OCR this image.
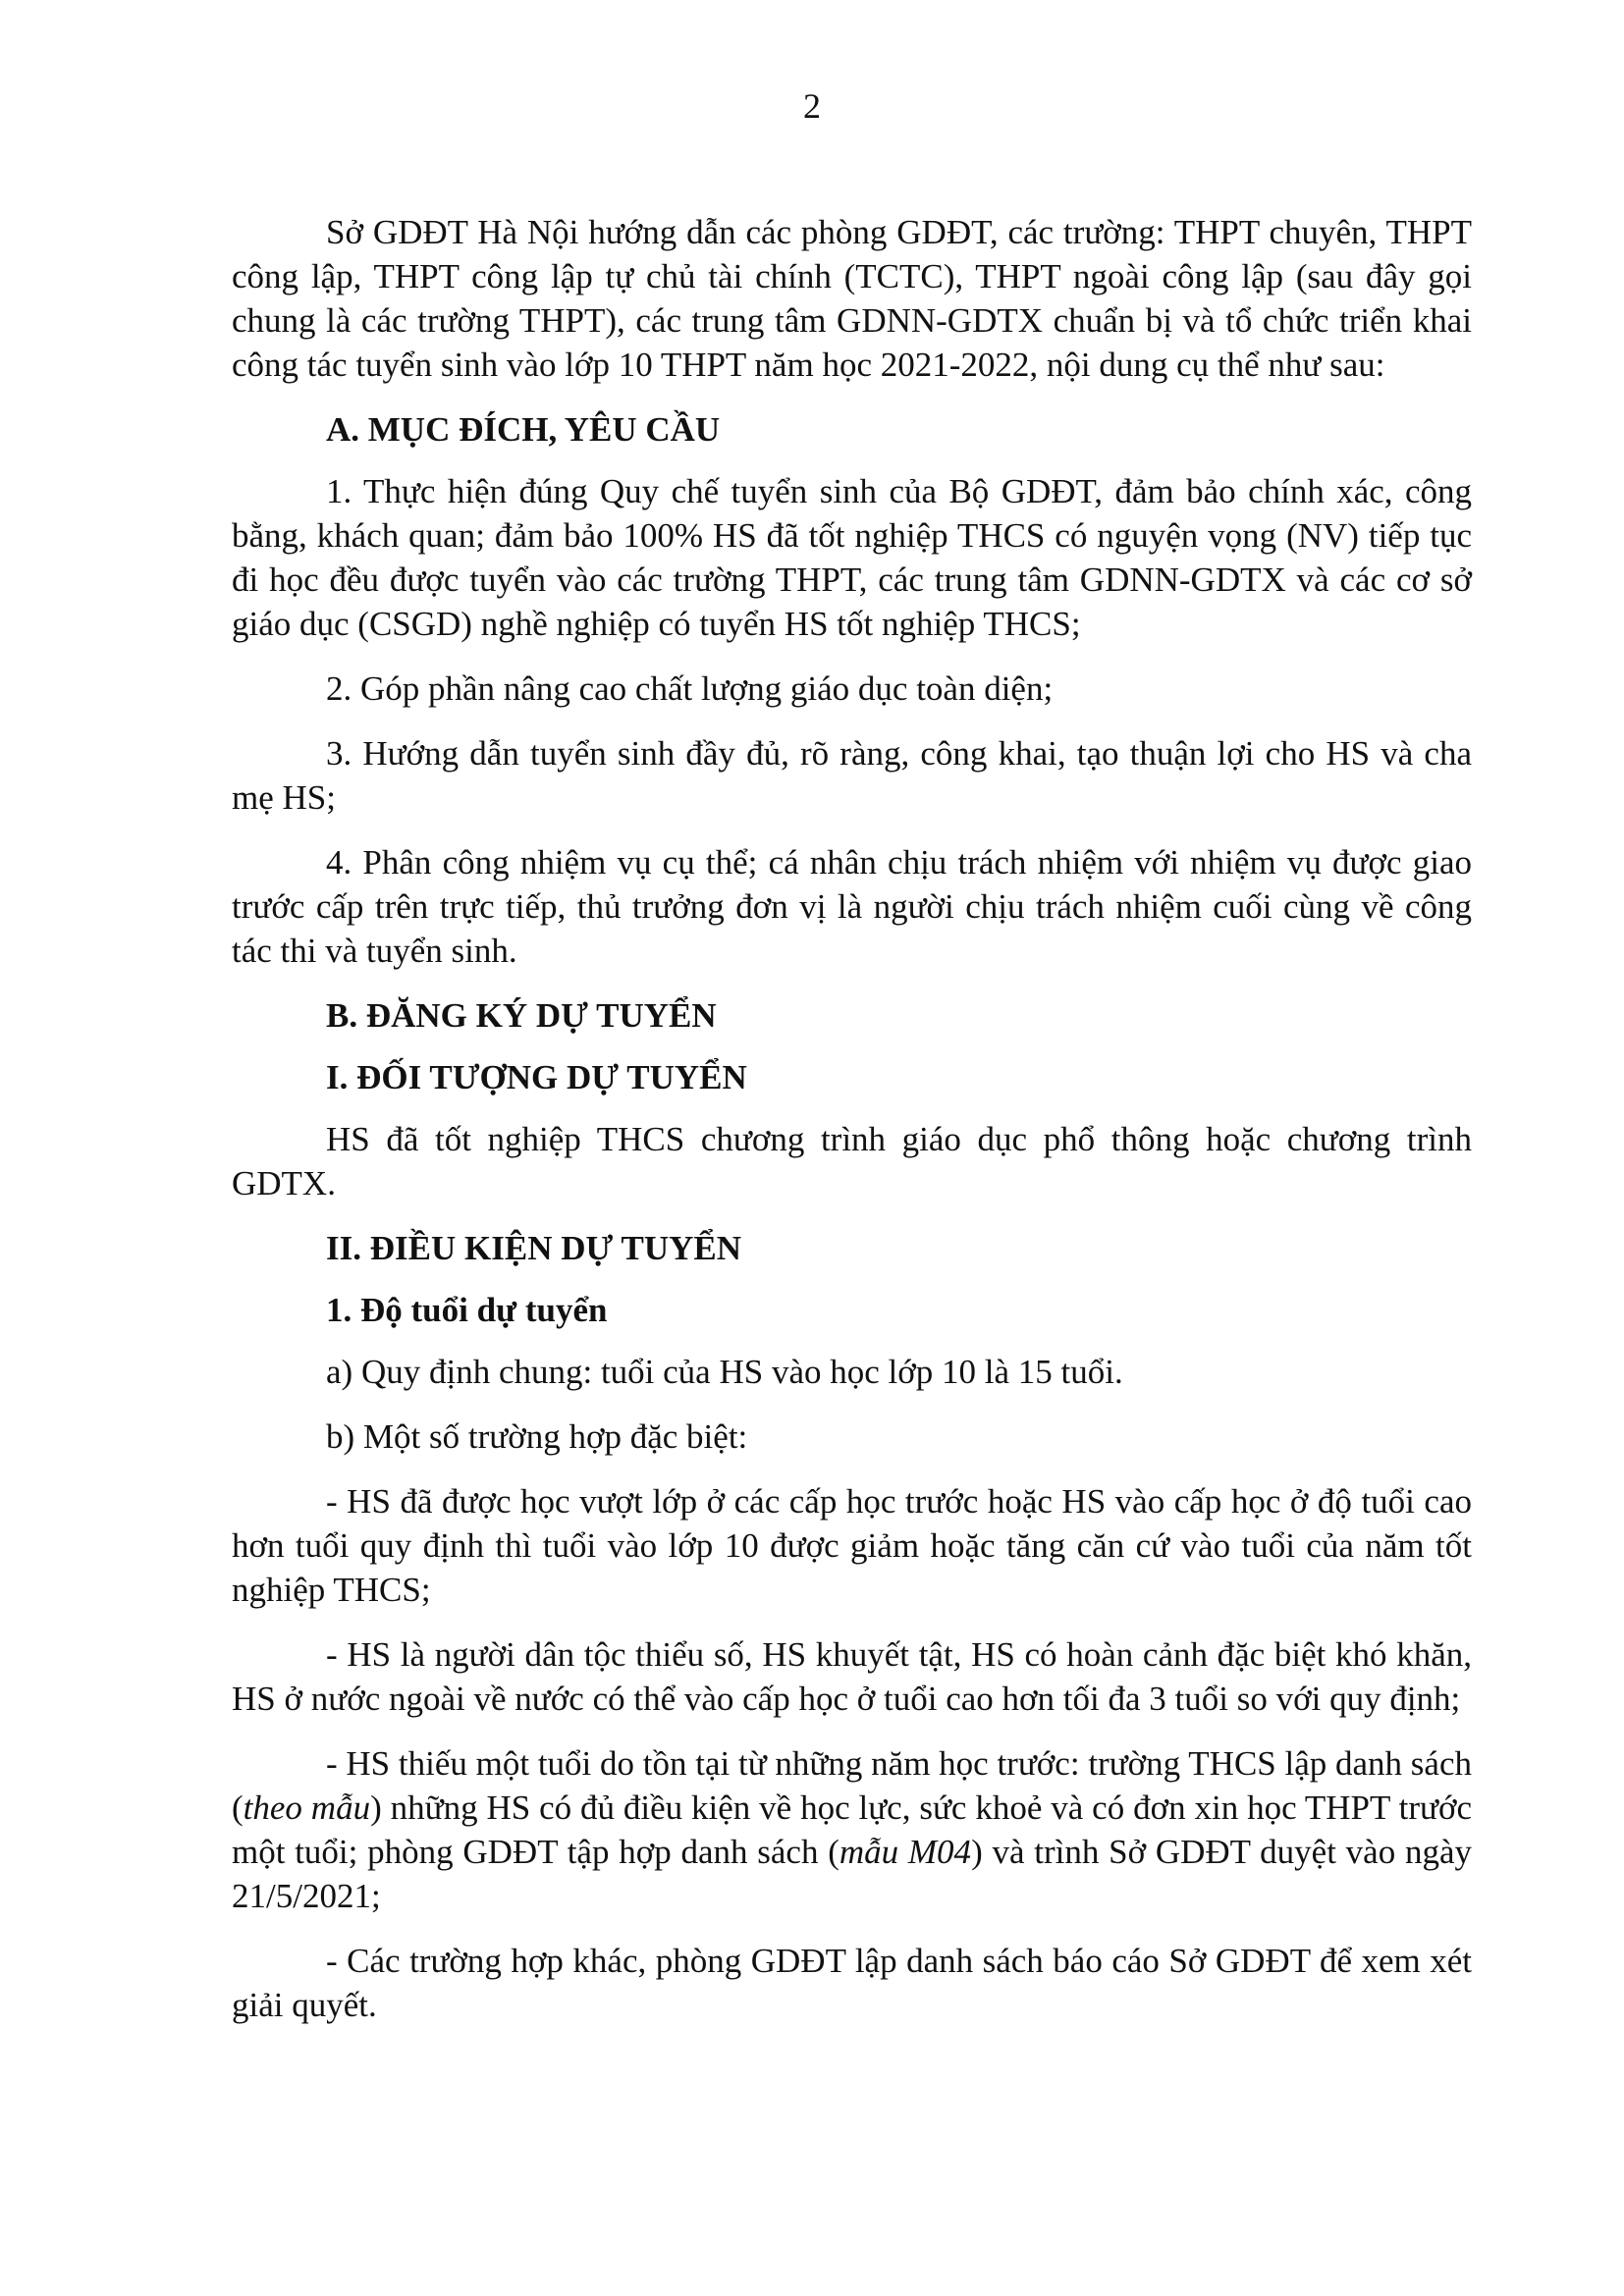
2

Sở GDĐT Hà Nội hướng dẫn các phòng GDĐT, các trường: THPT chuyên, THPT công lập, THPT công lập tự chủ tài chính (TCTC), THPT ngoài công lập (sau đây gọi chung là các trường THPT), các trung tâm GDNN-GDTX chuẩn bị và tổ chức triển khai công tác tuyển sinh vào lớp 10 THPT năm học 2021-2022, nội dung cụ thể như sau:

A. MỤC ĐÍCH, YÊU CẦU

1. Thực hiện đúng Quy chế tuyển sinh của Bộ GDĐT, đảm bảo chính xác, công bằng, khách quan; đảm bảo 100% HS đã tốt nghiệp THCS có nguyện vọng (NV) tiếp tục đi học đều được tuyển vào các trường THPT, các trung tâm GDNN-GDTX và các cơ sở giáo dục (CSGD) nghề nghiệp có tuyển HS tốt nghiệp THCS;

2. Góp phần nâng cao chất lượng giáo dục toàn diện;

3. Hướng dẫn tuyển sinh đầy đủ, rõ ràng, công khai, tạo thuận lợi cho HS và cha mẹ HS;

4. Phân công nhiệm vụ cụ thể; cá nhân chịu trách nhiệm với nhiệm vụ được giao trước cấp trên trực tiếp, thủ trưởng đơn vị là người chịu trách nhiệm cuối cùng về công tác thi và tuyển sinh.

B. ĐĂNG KÝ DỰ TUYỂN

I. ĐỐI TƯỢNG DỰ TUYỂN

HS đã tốt nghiệp THCS chương trình giáo dục phổ thông hoặc chương trình GDTX.

II. ĐIỀU KIỆN DỰ TUYỂN

1. Độ tuổi dự tuyển

a) Quy định chung: tuổi của HS vào học lớp 10 là 15 tuổi.

b) Một số trường hợp đặc biệt:

- HS đã được học vượt lớp ở các cấp học trước hoặc HS vào cấp học ở độ tuổi cao hơn tuổi quy định thì tuổi vào lớp 10 được giảm hoặc tăng căn cứ vào tuổi của năm tốt nghiệp THCS;

- HS là người dân tộc thiểu số, HS khuyết tật, HS có hoàn cảnh đặc biệt khó khăn, HS ở nước ngoài về nước có thể vào cấp học ở tuổi cao hơn tối đa 3 tuổi so với quy định;

- HS thiếu một tuổi do tồn tại từ những năm học trước: trường THCS lập danh sách (theo mẫu) những HS có đủ điều kiện về học lực, sức khoẻ và có đơn xin học THPT trước một tuổi; phòng GDĐT tập hợp danh sách (mẫu M04) và trình Sở GDĐT duyệt vào ngày 21/5/2021;

- Các trường hợp khác, phòng GDĐT lập danh sách báo cáo Sở GDĐT để xem xét giải quyết.
